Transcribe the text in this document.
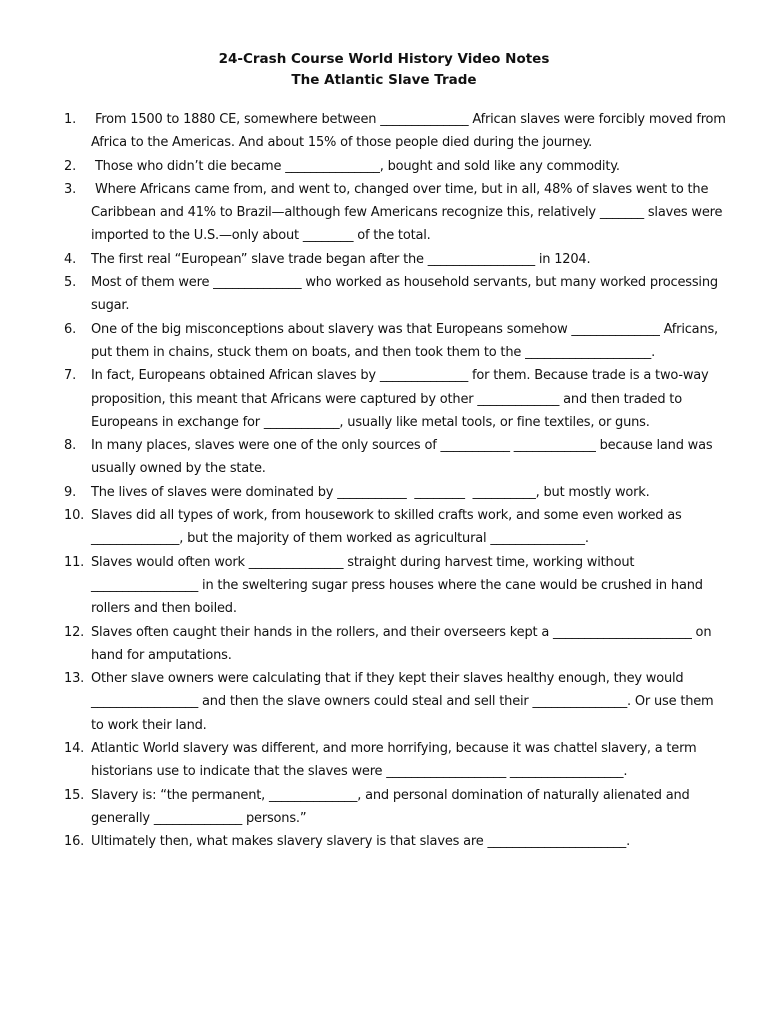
24-Crash Course World History Video Notes
The Atlantic Slave Trade
1. From 1500 to 1880 CE, somewhere between ______________ African slaves were forcibly moved from Africa to the Americas. And about 15% of those people died during the journey.
2. Those who didn’t die became _______________, bought and sold like any commodity.
3. Where Africans came from, and went to, changed over time, but in all, 48% of slaves went to the Caribbean and 41% to Brazil—although few Americans recognize this, relatively _______ slaves were imported to the U.S.—only about ________ of the total.
4. The first real “European” slave trade began after the _________________ in 1204.
5. Most of them were ______________ who worked as household servants, but many worked processing sugar.
6. One of the big misconceptions about slavery was that Europeans somehow ______________ Africans, put them in chains, stuck them on boats, and then took them to the ____________________.
7. In fact, Europeans obtained African slaves by ______________ for them. Because trade is a two-way proposition, this meant that Africans were captured by other _____________ and then traded to Europeans in exchange for ____________, usually like metal tools, or fine textiles, or guns.
8. In many places, slaves were one of the only sources of ___________ _____________ because land was usually owned by the state.
9. The lives of slaves were dominated by ___________  ________  __________, but mostly work.
10. Slaves did all types of work, from housework to skilled crafts work, and some even worked as ______________, but the majority of them worked as agricultural _______________.
11. Slaves would often work _______________ straight during harvest time, working without _________________ in the sweltering sugar press houses where the cane would be crushed in hand rollers and then boiled.
12. Slaves often caught their hands in the rollers, and their overseers kept a ______________________ on hand for amputations.
13. Other slave owners were calculating that if they kept their slaves healthy enough, they would _________________ and then the slave owners could steal and sell their _______________. Or use them to work their land.
14. Atlantic World slavery was different, and more horrifying, because it was chattel slavery, a term historians use to indicate that the slaves were ___________________ __________________.
15. Slavery is: “the permanent, ______________, and personal domination of naturally alienated and generally ______________ persons.”
16. Ultimately then, what makes slavery slavery is that slaves are ______________________.
